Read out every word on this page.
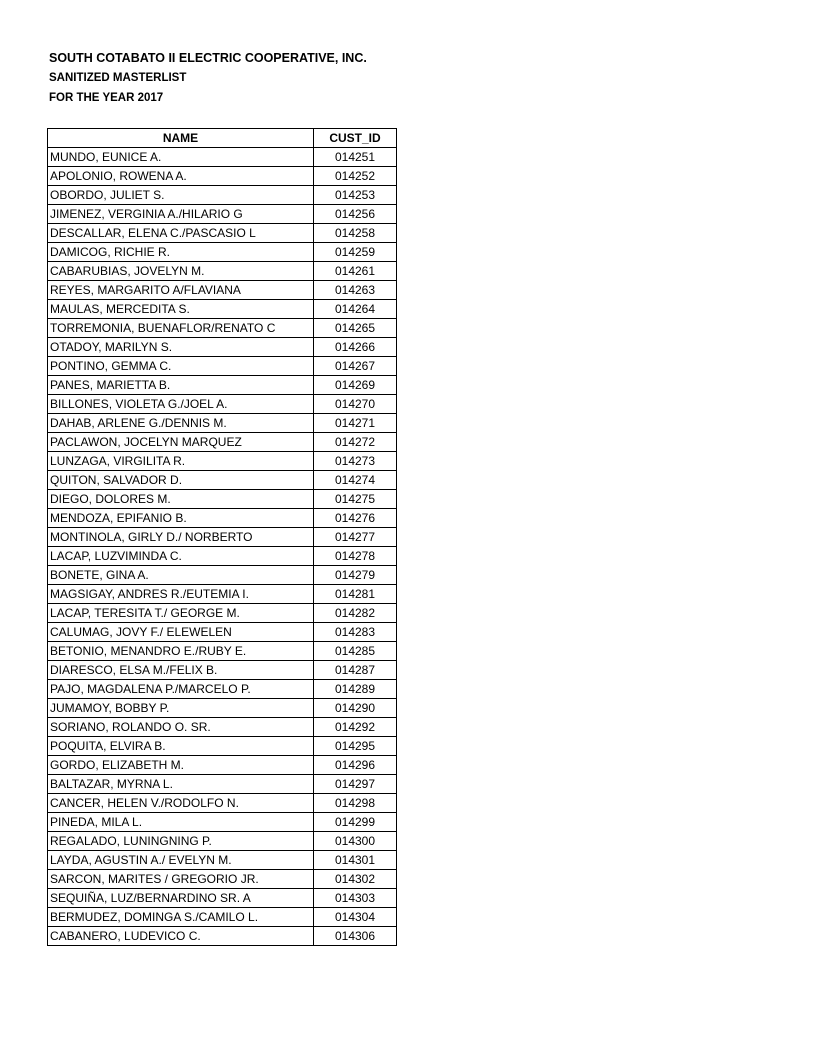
SOUTH COTABATO II ELECTRIC COOPERATIVE, INC.
SANITIZED MASTERLIST
FOR THE YEAR 2017
NAME	CUST_ID
MUNDO, EUNICE A.	014251
APOLONIO, ROWENA A.	014252
OBORDO, JULIET S.	014253
JIMENEZ, VERGINIA A./HILARIO G	014256
DESCALLAR, ELENA C./PASCASIO L	014258
DAMICOG, RICHIE R.	014259
CABARUBIAS, JOVELYN M.	014261
REYES, MARGARITO A/FLAVIANA	014263
MAULAS, MERCEDITA S.	014264
TORREMONIA, BUENAFLOR/RENATO C	014265
OTADOY, MARILYN S.	014266
PONTINO, GEMMA C.	014267
PANES, MARIETTA B.	014269
BILLONES, VIOLETA G./JOEL A.	014270
DAHAB, ARLENE G./DENNIS M.	014271
PACLAWON, JOCELYN MARQUEZ	014272
LUNZAGA, VIRGILITA R.	014273
QUITON, SALVADOR D.	014274
DIEGO, DOLORES M.	014275
MENDOZA, EPIFANIO B.	014276
MONTINOLA, GIRLY D./ NORBERTO	014277
LACAP, LUZVIMINDA C.	014278
BONETE, GINA A.	014279
MAGSIGAY, ANDRES R./EUTEMIA I.	014281
LACAP, TERESITA T./ GEORGE M.	014282
CALUMAG, JOVY F./ ELEWELEN	014283
BETONIO, MENANDRO E./RUBY E.	014285
DIARESCO, ELSA M./FELIX B.	014287
PAJO, MAGDALENA P./MARCELO P.	014289
JUMAMOY, BOBBY P.	014290
SORIANO, ROLANDO O. SR.	014292
POQUITA, ELVIRA B.	014295
GORDO, ELIZABETH M.	014296
BALTAZAR, MYRNA L.	014297
CANCER, HELEN V./RODOLFO N.	014298
PINEDA, MILA L.	014299
REGALADO, LUNINGNING P.	014300
LAYDA, AGUSTIN A./ EVELYN M.	014301
SARCON, MARITES / GREGORIO JR.	014302
SEQUIÑA, LUZ/BERNARDINO SR. A	014303
BERMUDEZ, DOMINGA S./CAMILO L.	014304
CABANERO, LUDEVICO C.	014306
